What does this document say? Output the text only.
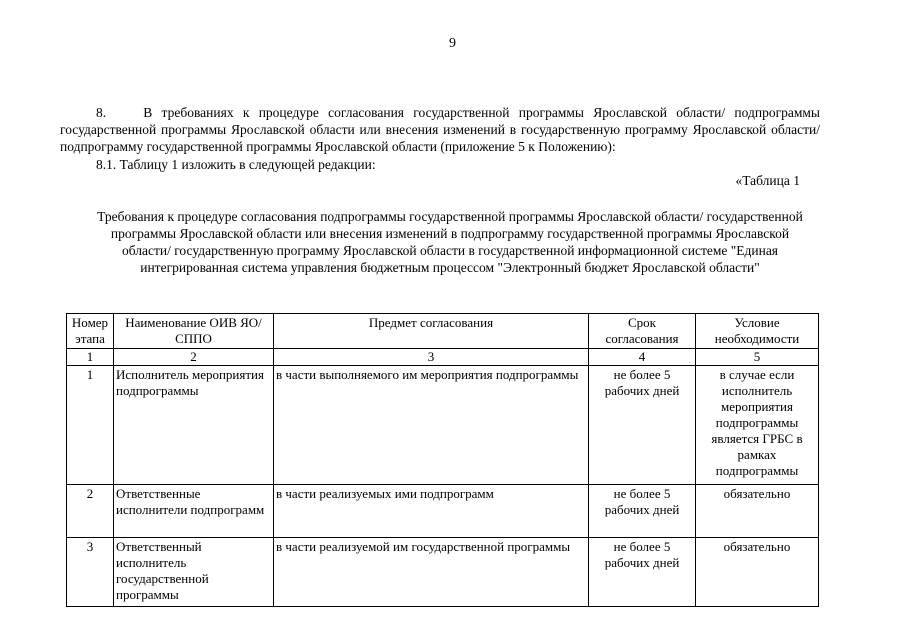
9
8.	В требованиях к процедуре согласования государственной программы Ярославской области/ подпрограммы государственной программы Ярославской области или внесения изменений в государственную программу Ярославской области/ подпрограмму государственной программы Ярославской области (приложение 5 к Положению):
8.1. Таблицу 1 изложить в следующей редакции:
«Таблица 1
Требования к процедуре согласования подпрограммы государственной программы Ярославской области/ государственной программы Ярославской области или внесения изменений в подпрограмму государственной программы Ярославской области/ государственную программу Ярославской области в государственной информационной системе "Единая интегрированная система управления бюджетным процессом "Электронный бюджет Ярославской области"
Номер этапа	Наименование ОИВ ЯО/ СППО	Предмет согласования	Срок согласования	Условие необходимости
1	2	3	4	5
1	Исполнитель мероприятия подпрограммы	в части выполняемого им мероприятия подпрограммы	не более 5 рабочих дней	в случае если исполнитель мероприятия подпрограммы является ГРБС в рамках подпрограммы
2	Ответственные исполнители подпрограмм	в части реализуемых ими подпрограмм	не более 5 рабочих дней	обязательно
3	Ответственный исполнитель государственной программы	в части реализуемой им государственной программы	не более 5 рабочих дней	обязательно
